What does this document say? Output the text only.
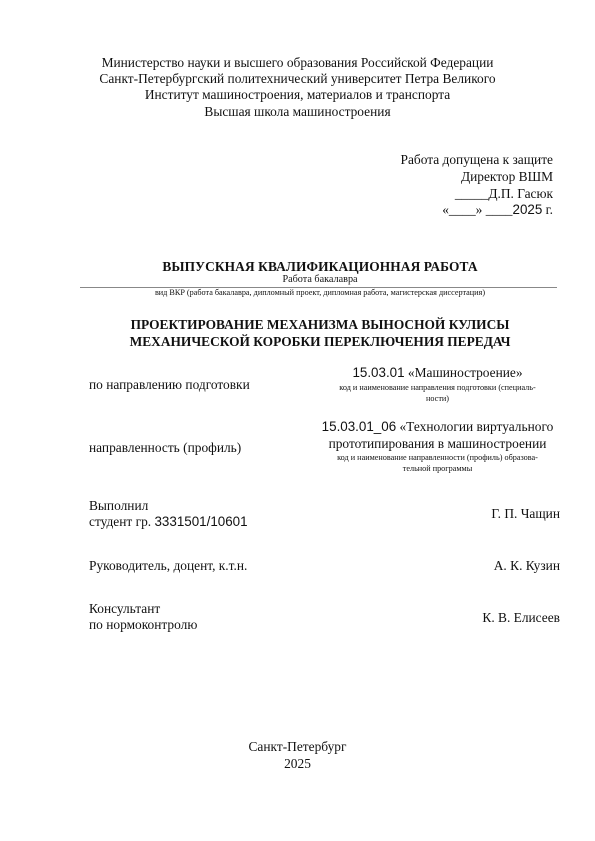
Министерство науки и высшего образования Российской Федерации
Санкт-Петербургский политехнический университет Петра Великого
Институт машиностроения, материалов и транспорта
Высшая школа машиностроения
Работа допущена к защите
Директор ВШМ
_____Д.П. Гасюк
«____» ____2025 г.
ВЫПУСКНАЯ КВАЛИФИКАЦИОННАЯ РАБОТА
Работа бакалавра
вид ВКР (работа бакалавра, дипломный проект, дипломная работа, магистерская диссертация)
ПРОЕКТИРОВАНИЕ МЕХАНИЗМА ВЫНОСНОЙ КУЛИСЫ
МЕХАНИЧЕСКОЙ КОРОБКИ ПЕРЕКЛЮЧЕНИЯ ПЕРЕДАЧ
по направлению подготовки
15.03.01 «Машиностроение»
код и наименование направления подготовки (специаль-
ности)
направленность (профиль)
15.03.01_06 «Технологии виртуального
прототипирования в машиностроении
код и наименование направленности (профиль) образова-
тельной программы
Выполнил
студент гр. 3331501/10601
Г. П. Чащин
Руководитель, доцент, к.т.н.	А. К. Кузин
Консультант
по нормоконтролю	К. В. Елисеев
Санкт-Петербург
2025
